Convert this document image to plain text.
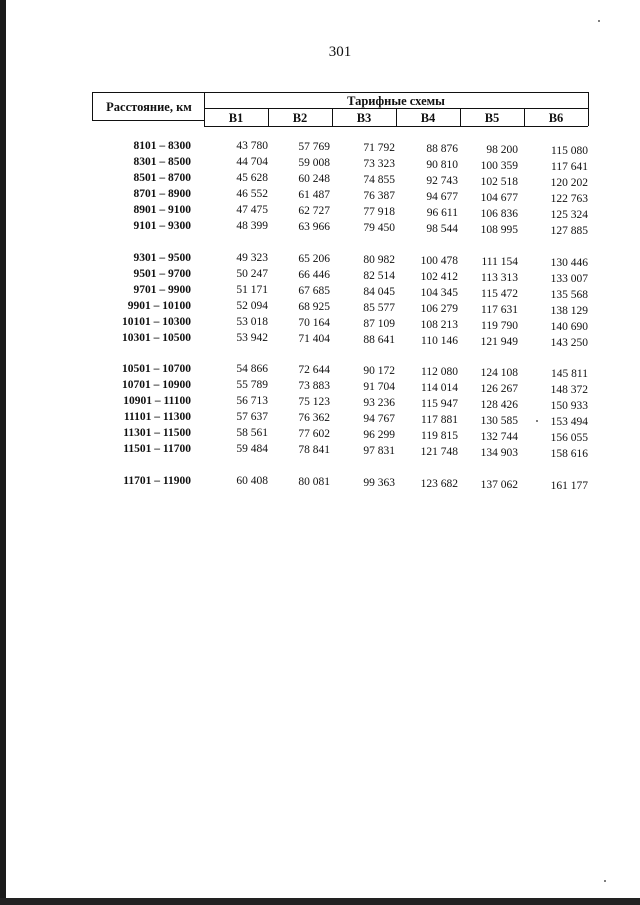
301
Расстояние, км	Тарифные схемы
B1	B2	B3	B4	B5	B6
8101 – 8300	43 780	57 769	71 792	88 876	98 200	115 080
8301 – 8500	44 704	59 008	73 323	90 810	100 359	117 641
8501 – 8700	45 628	60 248	74 855	92 743	102 518	120 202
8701 – 8900	46 552	61 487	76 387	94 677	104 677	122 763
8901 – 9100	47 475	62 727	77 918	96 611	106 836	125 324
9101 – 9300	48 399	63 966	79 450	98 544	108 995	127 885
9301 – 9500	49 323	65 206	80 982	100 478	111 154	130 446
9501 – 9700	50 247	66 446	82 514	102 412	113 313	133 007
9701 – 9900	51 171	67 685	84 045	104 345	115 472	135 568
9901 – 10100	52 094	68 925	85 577	106 279	117 631	138 129
10101 – 10300	53 018	70 164	87 109	108 213	119 790	140 690
10301 – 10500	53 942	71 404	88 641	110 146	121 949	143 250
10501 – 10700	54 866	72 644	90 172	112 080	124 108	145 811
10701 – 10900	55 789	73 883	91 704	114 014	126 267	148 372
10901 – 11100	56 713	75 123	93 236	115 947	128 426	150 933
11101 – 11300	57 637	76 362	94 767	117 881	130 585	153 494
11301 – 11500	58 561	77 602	96 299	119 815	132 744	156 055
11501 – 11700	59 484	78 841	97 831	121 748	134 903	158 616
11701 – 11900	60 408	80 081	99 363	123 682	137 062	161 177
